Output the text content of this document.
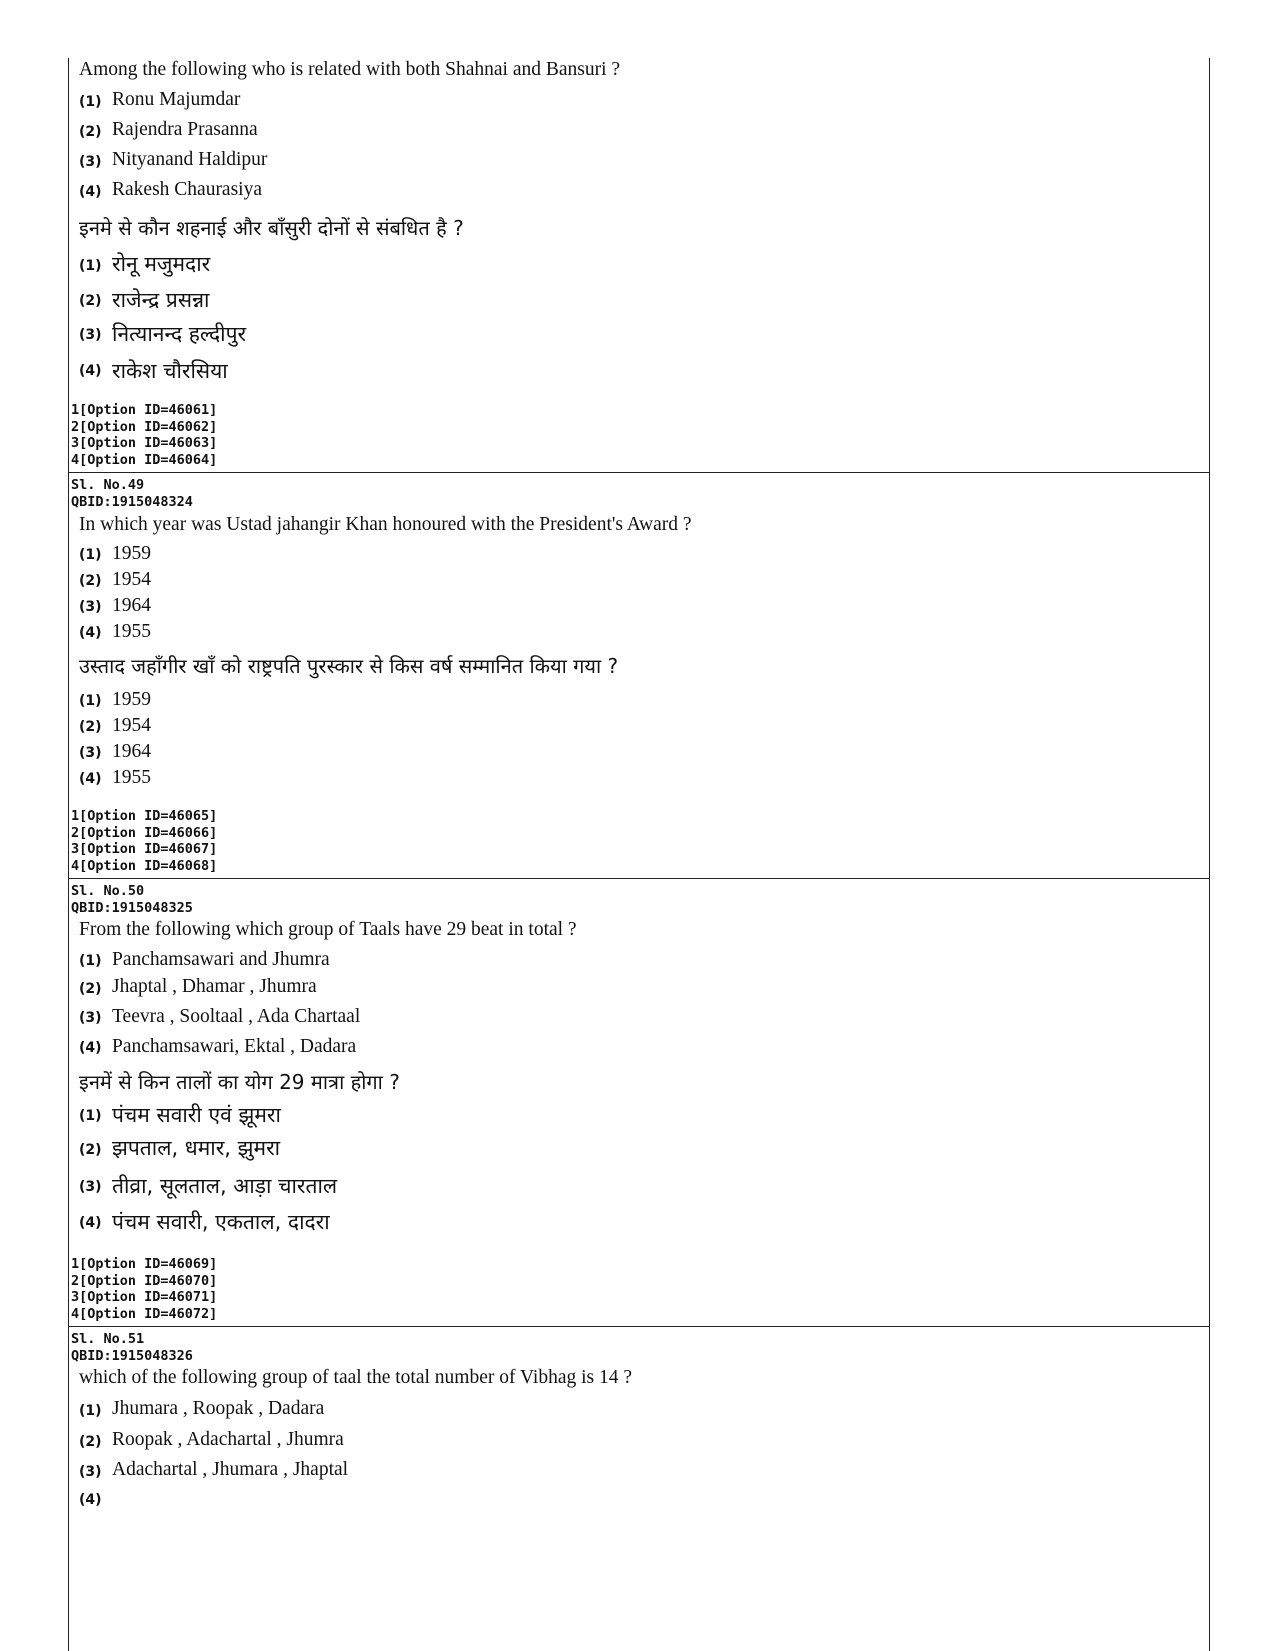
Among the following who is related with both Shahnai and Bansuri ?
(1) Ronu Majumdar
(2) Rajendra Prasanna
(3) Nityanand Haldipur
(4) Rakesh Chaurasiya
इनमे से कौन शहनाई और बाँसुरी दोनों से संबधित है ?
(1) रोनू मजुमदार
(2) राजेन्द्र प्रसन्ना
(3) नित्यानन्द हल्दीपुर
(4) राकेश चौरसिया
1[Option ID=46061]
2[Option ID=46062]
3[Option ID=46063]
4[Option ID=46064]
Sl. No.49
QBID:1915048324
In which year was Ustad jahangir Khan honoured with the President's Award ?
(1) 1959
(2) 1954
(3) 1964
(4) 1955
उस्ताद जहाँगीर खाँ को राष्ट्रपति पुरस्कार से किस वर्ष सम्मानित किया गया ?
(1) 1959
(2) 1954
(3) 1964
(4) 1955
1[Option ID=46065]
2[Option ID=46066]
3[Option ID=46067]
4[Option ID=46068]
Sl. No.50
QBID:1915048325
From the following which group of Taals have 29 beat in total ?
(1) Panchamsawari and Jhumra
(2) Jhaptal , Dhamar , Jhumra
(3) Teevra , Sooltaal , Ada Chartaal
(4) Panchamsawari, Ektal , Dadara
इनमें से किन तालों का योग 29 मात्रा होगा ?
(1) पंचम सवारी एवं झूमरा
(2) झपताल, धमार, झुमरा
(3) तीव्रा, सूलताल, आड़ा चारताल
(4) पंचम सवारी, एकताल, दादरा
1[Option ID=46069]
2[Option ID=46070]
3[Option ID=46071]
4[Option ID=46072]
Sl. No.51
QBID:1915048326
which of the following group of taal the total number of Vibhag is 14 ?
(1) Jhumara , Roopak , Dadara
(2) Roopak , Adachartal , Jhumra
(3) Adachartal , Jhumara , Jhaptal
(4)
